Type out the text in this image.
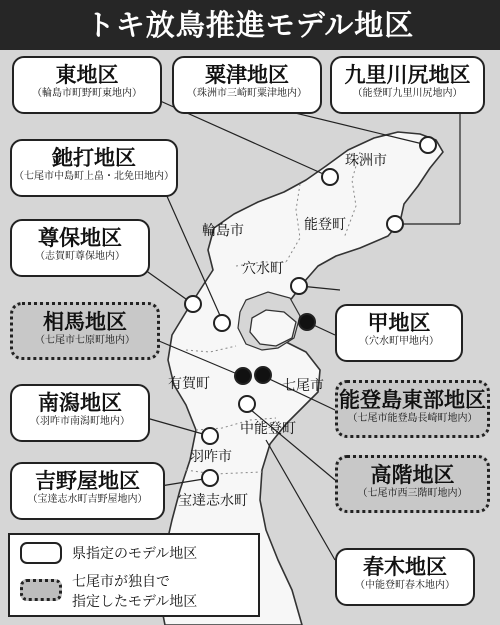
トキ放鳥推進モデル地区
珠洲市
輪島市	能登町
穴水町
有賀町	七尾市
中能登町
羽咋市
宝達志水町
東地区
（輪島市町野町東地内）
粟津地区
（珠洲市三崎町粟津地内）
九里川尻地区
（能登町九里川尻地内）
釶打地区
（七尾市中島町上畠・北免田地内）
尊保地区
（志賀町尊保地内）
相馬地区
（七尾市七原町地内）
甲地区
（穴水町甲地内）
南潟地区
（羽咋市南潟町地内）
能登島東部地区
（七尾市能登島長崎町地内）
吉野屋地区
（宝達志水町吉野屋地内）
高階地区
（七尾市西三階町地内）
春木地区
（中能登町春木地内）
県指定のモデル地区
七尾市が独自で
指定したモデル地区
